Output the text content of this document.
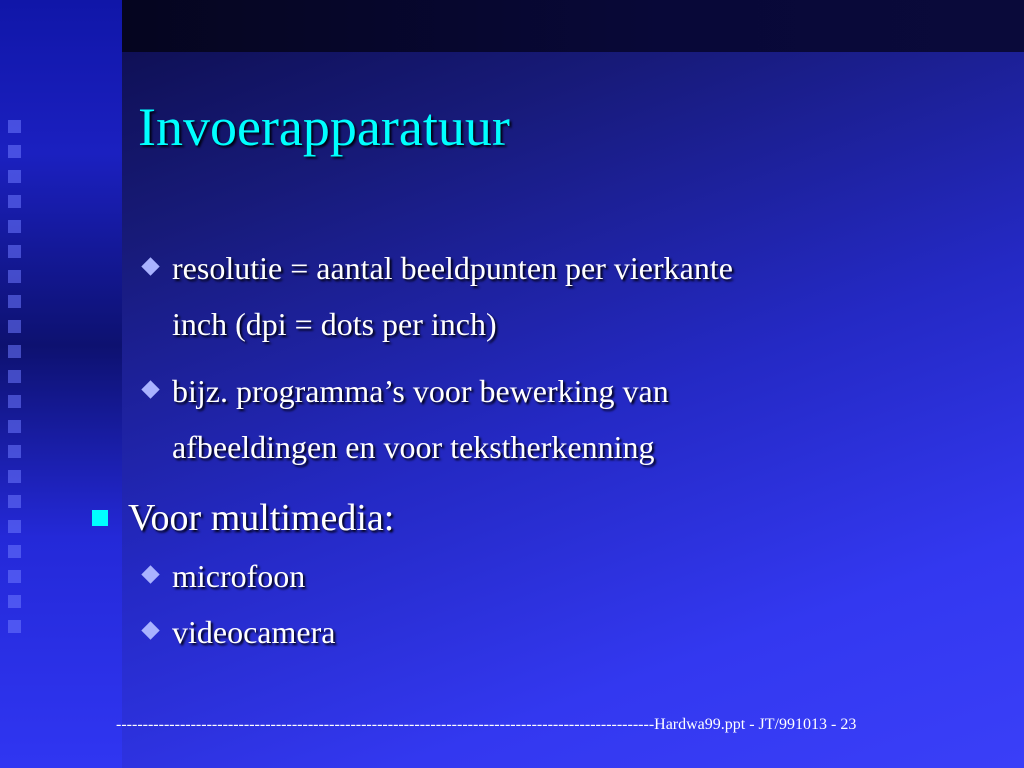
Invoerapparatuur
resolutie = aantal beeldpunten per vierkante
inch (dpi = dots per inch)
bijz. programma’s voor bewerking van
afbeeldingen en voor tekstherkenning
Voor multimedia:
microfoon
videocamera
-----------------------------------------------------------------------------------------------------Hardwa99.ppt - JT/991013 - 23
